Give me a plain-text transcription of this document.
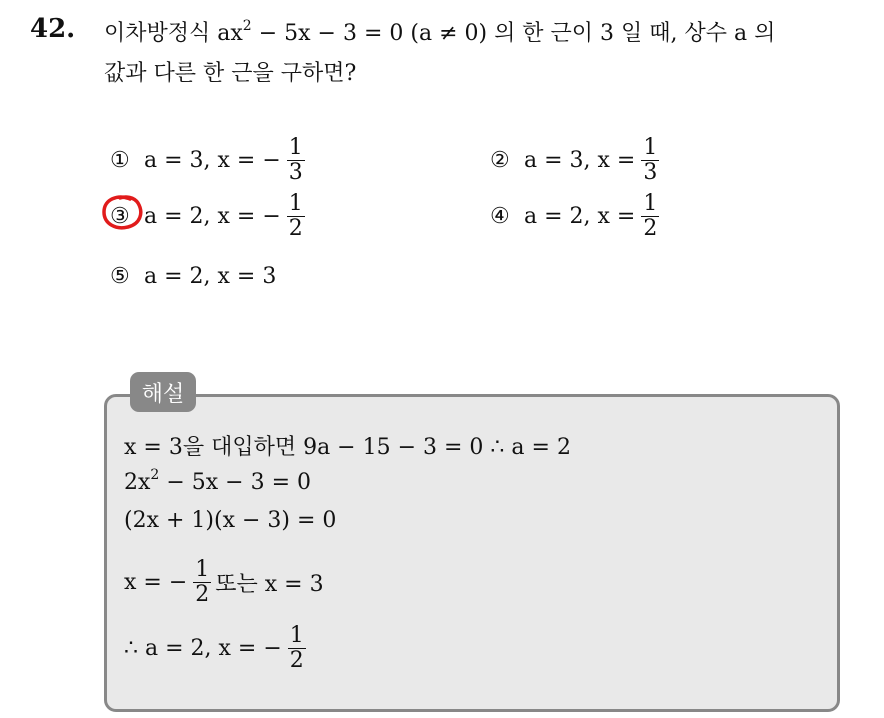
42. 이차방정식 $ax^2 - 5x - 3 = 0$ (a ≠ 0) 의 한 근이 3 일 때, 상수 a 의
값과 다른 한 근을 구하면?
① a = 3, x = − $\frac{1}{3}$	② a = 3, $x = \frac{1}{3}$
③ a = 2, x = − $\frac{1}{2}$	④ a = 2, $x = \frac{1}{2}$
⑤ a = 2, x = 3
해설
x = 3을 대입하면 9a − 15 − 3 = 0 ∴ a = 2
$2x^2 - 5x - 3 = 0$
(2x + 1)(x − 3) = 0
x = − $\frac{1}{2}$ 또는 x = 3
∴ a = 2, x = − $\frac{1}{2}$
